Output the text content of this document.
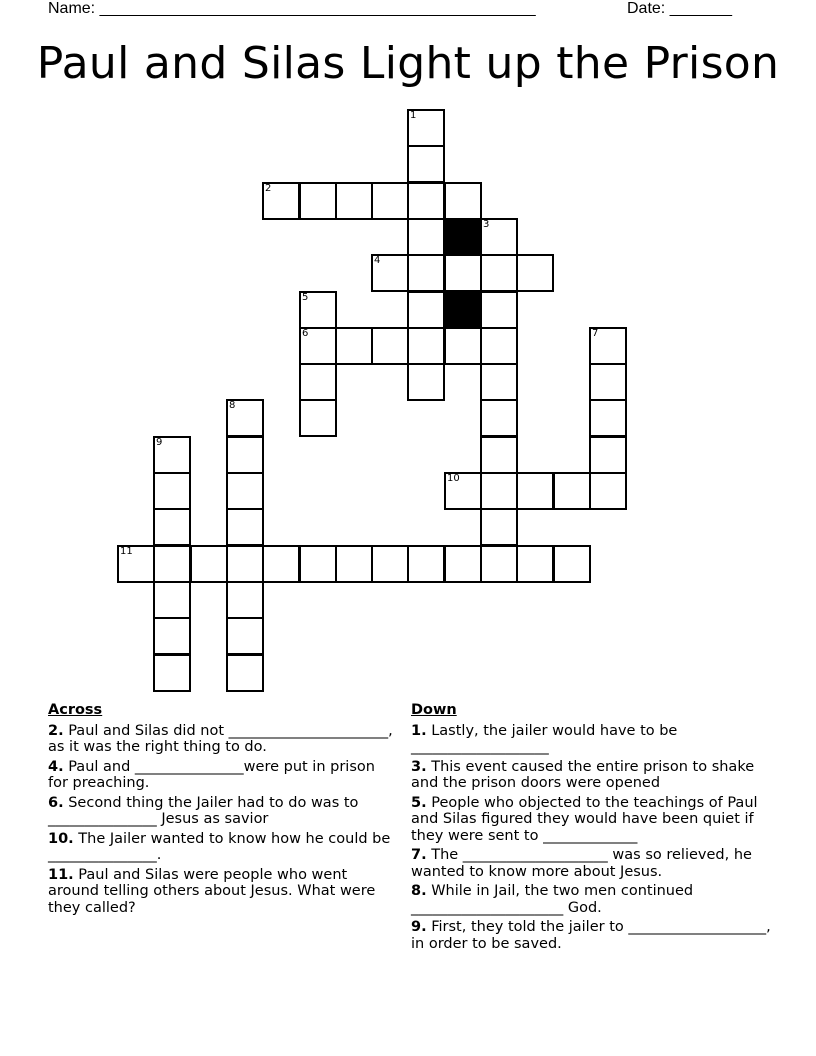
Name: _________________________________________________	Date: _______
Paul and Silas Light up the Prison
1
2
3
4
5
6	7
8
9
10
11
Across
2. Paul and Silas did not ______________________, as it was the right thing to do.
4. Paul and _______________were put in prison for preaching.
6. Second thing the Jailer had to do was to _______________ Jesus as savior
10. The Jailer wanted to know how he could be _______________.
11. Paul and Silas were people who went around telling others about Jesus. What were they called?
Down
1. Lastly, the jailer would have to be ___________________
3. This event caused the entire prison to shake and the prison doors were opened
5. People who objected to the teachings of Paul and Silas figured they would have been quiet if they were sent to _____________
7. The ____________________ was so relieved, he wanted to know more about Jesus.
8. While in Jail, the two men continued _____________________ God.
9. First, they told the jailer to ___________________, in order to be saved.
